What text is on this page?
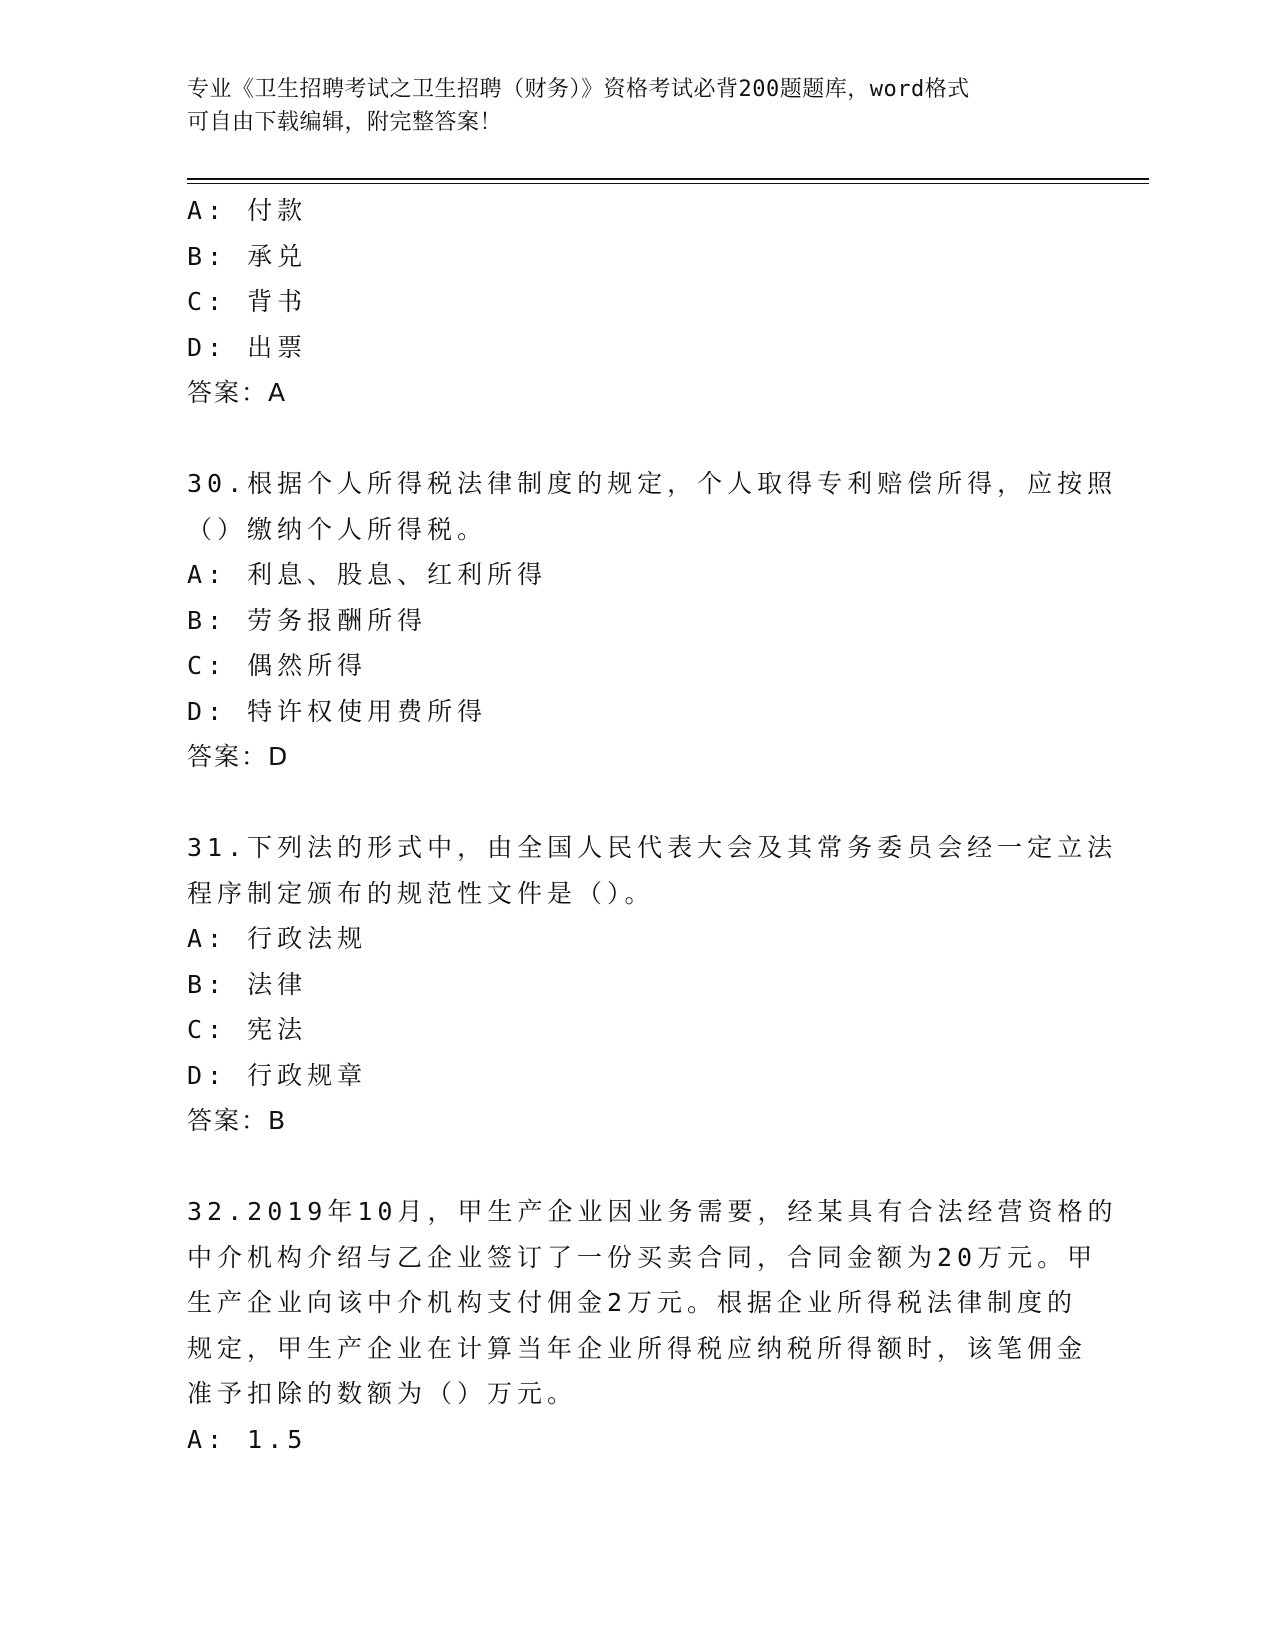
专业《卫生招聘考试之卫生招聘（财务）》资格考试必背200题题库，word格式
可自由下载编辑，附完整答案！
A: 付款
B: 承兑
C: 背书
D: 出票
答案：A
30.根据个人所得税法律制度的规定，个人取得专利赔偿所得，应按照
（）缴纳个人所得税。
A: 利息、股息、红利所得
B: 劳务报酬所得
C: 偶然所得
D: 特许权使用费所得
答案：D
31.下列法的形式中，由全国人民代表大会及其常务委员会经一定立法
程序制定颁布的规范性文件是（）。
A: 行政法规
B: 法律
C: 宪法
D: 行政规章
答案：B
32.2019年10月，甲生产企业因业务需要，经某具有合法经营资格的
中介机构介绍与乙企业签订了一份买卖合同，合同金额为20万元。甲
生产企业向该中介机构支付佣金2万元。根据企业所得税法律制度的
规定，甲生产企业在计算当年企业所得税应纳税所得额时，该笔佣金
准予扣除的数额为（）万元。
A: 1.5
